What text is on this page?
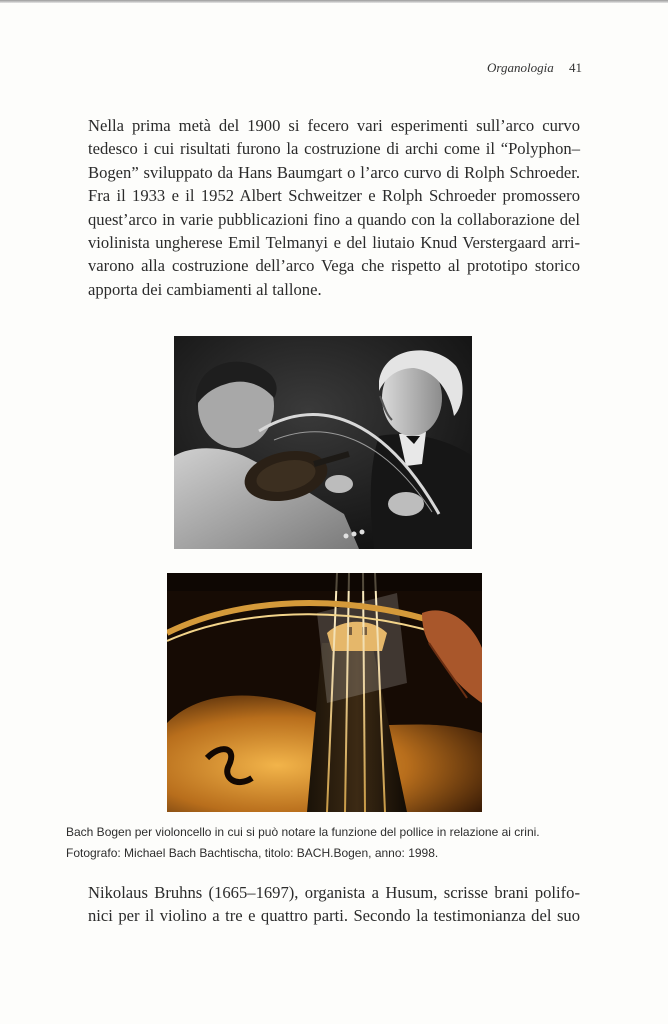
Organologia 41
Nella prima metà del 1900 si fecero vari esperimenti sull’arco curvo
tedesco i cui risultati furono la costruzione di archi come il “Polyphon–
Bogen” sviluppato da Hans Baumgart o l’arco curvo di Rolph Schroeder.
Fra il 1933 e il 1952 Albert Schweitzer e Rolph Schroeder promossero
quest’arco in varie pubblicazioni fino a quando con la collaborazione del
violinista ungherese Emil Telmanyi e del liutaio Knud Verstergaard arri-
varono alla costruzione dell’arco Vega che rispetto al prototipo storico
apporta dei cambiamenti al tallone.
Bach Bogen per violoncello in cui si può notare la funzione del pollice in relazione ai crini.
Fotografo: Michael Bach Bachtischa, titolo: BACH.Bogen, anno: 1998.
Nikolaus Bruhns (1665–1697), organista a Husum, scrisse brani polifo-
nici per il violino a tre e quattro parti. Secondo la testimonianza del suo
